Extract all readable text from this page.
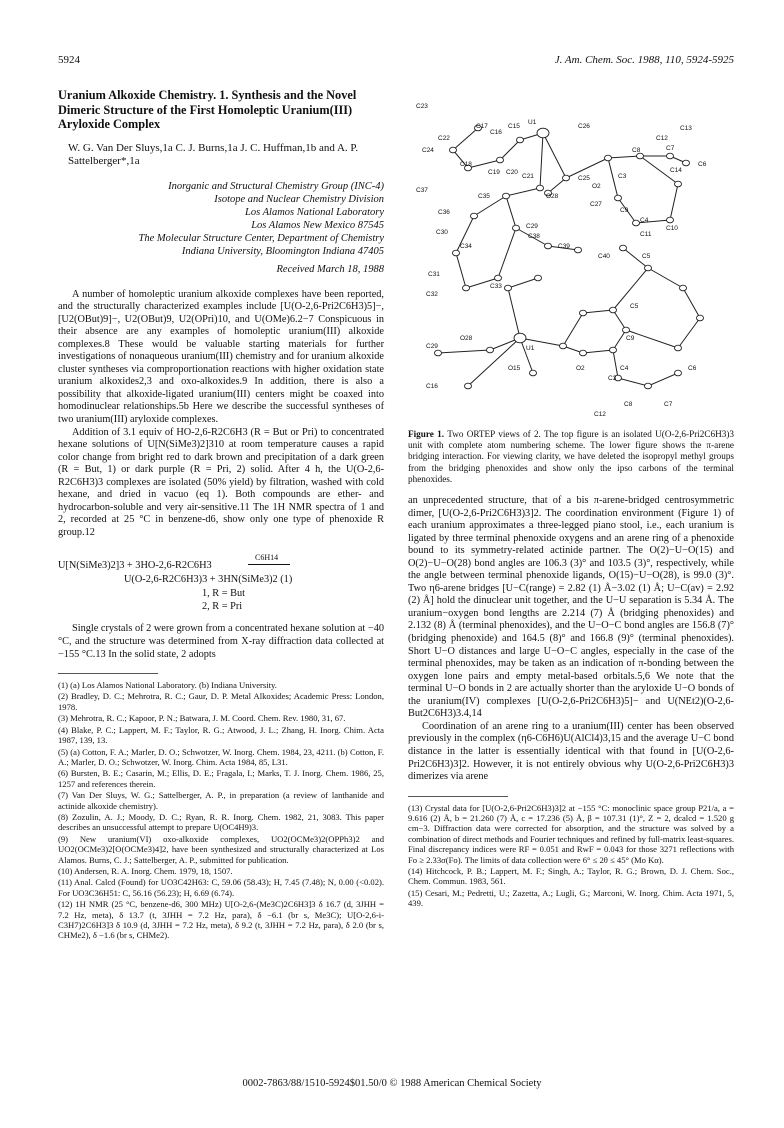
5924	J. Am. Chem. Soc. 1988, 110, 5924-5925

Uranium Alkoxide Chemistry. 1. Synthesis and the Novel Dimeric Structure of the First Homoleptic Uranium(III) Aryloxide Complex

W. G. Van Der Sluys,1a C. J. Burns,1a J. C. Huffman,1b and A. P. Sattelberger*,1a

Inorganic and Structural Chemistry Group (INC-4)

Isotope and Nuclear Chemistry Division

Los Alamos National Laboratory

Los Alamos New Mexico 87545

The Molecular Structure Center, Department of Chemistry

Indiana University, Bloomington Indiana 47405

Received March 18, 1988

A number of homoleptic uranium alkoxide complexes have been reported, and the structurally characterized examples include [U(O-2,6-Pri2C6H3)5]−, [U2(OBut)9]−, U2(OBut)9, U2(OPri)10, and U(OMe)6.2−7 Conspicuous in their absence are any examples of homoleptic uranium(III) alkoxide complexes.8 These would be valuable starting materials for further investigations of nonaqueous uranium(III) chemistry and for uranium alkoxide cluster syntheses via comproportionation reactions with higher oxidation state uranium alkoxides2,3 and oxo-alkoxides.9 In addition, there is also a possibility that alkoxide-ligated uranium(III) centers might be coaxed into homodinuclear relationships.5b Here we describe the successful syntheses of two uranium(III) aryloxide complexes.

Addition of 3.1 equiv of HO-2,6-R2C6H3 (R = But or Pri) to concentrated hexane solutions of U[N(SiMe3)2]310 at room temperature causes a rapid color change from bright red to dark brown and precipitation of a dark green (R = But, 1) or dark purple (R = Pri, 2) solid. After 4 h, the U(O-2,6-R2C6H3)3 complexes are isolated (50% yield) by filtration, washed with cold hexane, and dried in vacuo (eq 1). Both compounds are ether- and hydrocarbon-soluble and very air-sensitive.11 The 1H NMR spectra of 1 and 2, recorded at 25 °C in benzene-d6, show only one type of phenoxide R group.12

U[N(SiMe3)2]3 + 3HO-2,6-R2C6H3
C6H14
U(O-2,6-R2C6H3)3 + 3HN(SiMe3)2 (1)
1, R = But
2, R = Pri

Single crystals of 2 were grown from a concentrated hexane solution at −40 °C, and the structure was determined from X-ray diffraction data collected at −155 °C.13 In the solid state, 2 adopts

(1) (a) Los Alamos National Laboratory. (b) Indiana University.

(2) Bradley, D. C.; Mehrotra, R. C.; Gaur, D. P. Metal Alkoxides; Academic Press: London, 1978.

(3) Mehrotra, R. C.; Kapoor, P. N.; Batwara, J. M. Coord. Chem. Rev. 1980, 31, 67.

(4) Blake, P. C.; Lappert, M. F.; Taylor, R. G.; Atwood, J. L.; Zhang, H. Inorg. Chim. Acta 1987, 139, 13.

(5) (a) Cotton, F. A.; Marler, D. O.; Schwotzer, W. Inorg. Chem. 1984, 23, 4211. (b) Cotton, F. A.; Marler, D. O.; Schwotzer, W. Inorg. Chim. Acta 1984, 85, L31.

(6) Bursten, B. E.; Casarin, M.; Ellis, D. E.; Fragala, I.; Marks, T. J. Inorg. Chem. 1986, 25, 1257 and references therein.

(7) Van Der Sluys, W. G.; Sattelberger, A. P., in preparation (a review of lanthanide and actinide alkoxide chemistry).

(8) Zozulin, A. J.; Moody, D. C.; Ryan, R. R. Inorg. Chem. 1982, 21, 3083. This paper describes an unsuccessful attempt to prepare U(OC4H9)3.

(9) New uranium(VI) oxo-alkoxide complexes, UO2(OCMe3)2(OPPh3)2 and UO2(OCMe3)2[O(OCMe3)4]2, have been synthesized and structurally characterized at Los Alamos. Burns, C. J.; Sattelberger, A. P., submitted for publication.

(10) Andersen, R. A. Inorg. Chem. 1979, 18, 1507.

(11) Anal. Calcd (Found) for UO3C42H63: C, 59.06 (58.43); H, 7.45 (7.48); N, 0.00 (<0.02). For UO3C36H51: C, 56.16 (56.23); H, 6.69 (6.74).

(12) 1H NMR (25 °C, benzene-d6, 300 MHz) U[O-2,6-(Me3C)2C6H3]3 δ 16.7 (d, 3JHH = 7.2 Hz, meta), δ 13.7 (t, 3JHH = 7.2 Hz, para), δ −6.1 (br s, Me3C); U[O-2,6-i-C3H7)2C6H3]3 δ 10.9 (d, 3JHH = 7.2 Hz, meta), δ 9.2 (t, 3JHH = 7.2 Hz, para), δ 2.0 (br s, CHMe2), δ −1.6 (br s, CHMe2).

C23
C22
C17
C16
C15
U1
C26	C13
C12
C8	C7
C24
C18
C19 C20
C21	C25
O2
C3
C6
C14
C37
C35	O28
C27
C9
C4
C11
C5
C36
C29	C10
C30
C38
C34	C39
C40
C31
C33
C32
C29
O28
U1
C9
O2	C4
C5
O15
C3
C6
C16
C12
C8	C7

Figure 1. Two ORTEP views of 2. The top figure is an isolated U(O-2,6-Pri2C6H3)3 unit with complete atom numbering scheme. The lower figure shows the π-arene bridging interaction. For viewing clarity, we have deleted the isopropyl methyl groups from the bridging phenoxides and show only the ipso carbons of the terminal phenoxides.

an unprecedented structure, that of a bis π-arene-bridged centrosymmetric dimer, [U(O-2,6-Pri2C6H3)3]2. The coordination environment (Figure 1) of each uranium approximates a three-legged piano stool, i.e., each uranium is ligated by three terminal phenoxide oxygens and an arene ring of a phenoxide bound to its symmetry-related actinide partner. The O(2)−U−O(15) and O(2)−U−O(28) bond angles are 106.3 (3)° and 103.5 (3)°, respectively, while the angle between terminal phenoxide ligands, O(15)−U−O(28), is 99.0 (3)°. Two η6-arene bridges [U−C(range) = 2.82 (1) Å−3.02 (1) Å; U−C(av) = 2.92 (2) Å] hold the dinuclear unit together, and the U−U separation is 5.34 Å. The uranium−oxygen bond lengths are 2.214 (7) Å (bridging phenoxides) and 2.132 (8) Å (terminal phenoxides), and the U−O−C bond angles are 156.8 (7)° (bridging phenoxide) and 164.5 (8)° and 166.8 (9)° (terminal phenoxides). Short U−O distances and large U−O−C angles, especially in the case of the terminal phenoxides, may be taken as an indication of π-bonding between the oxygen lone pairs and empty metal-based orbitals.5,6 We note that the terminal U−O bonds in 2 are actually shorter than the aryloxide U−O bonds of the uranium(IV) complexes [U(O-2,6-Pri2C6H3)5]− and U(NEt2)(O-2,6-But2C6H3)3.4,14

Coordination of an arene ring to a uranium(III) center has been observed previously in the complex (η6-C6H6)U(AlCl4)3,15 and the average U−C bond distance in the latter is essentially identical with that found in [U(O-2,6-Pri2C6H3)3]2. However, it is not entirely obvious why U(O-2,6-Pri2C6H3)3 dimerizes via arene

(13) Crystal data for [U(O-2,6-Pri2C6H3)3]2 at −155 °C: monoclinic space group P21/a, a = 9.616 (2) Å, b = 21.260 (7) Å, c = 17.236 (5) Å, β = 107.31 (1)°, Z = 2, dcalcd = 1.520 g cm−3. Diffraction data were corrected for absorption, and the structure was solved by a combination of direct methods and Fourier techniques and refined by full-matrix least-squares. Final discrepancy indices were RF = 0.051 and RwF = 0.043 for those 3271 reflections with Fo ≥ 2.33σ(Fo). The limits of data collection were 6° ≤ 2θ ≤ 45° (Mo Kα).

(14) Hitchcock, P. B.; Lappert, M. F.; Singh, A.; Taylor, R. G.; Brown, D. J. Chem. Soc., Chem. Commun. 1983, 561.

(15) Cesari, M.; Pedretti, U.; Zazetta, A.; Lugli, G.; Marconi, W. Inorg. Chim. Acta 1971, 5, 439.

0002-7863/88/1510-5924$01.50/0 © 1988 American Chemical Society
